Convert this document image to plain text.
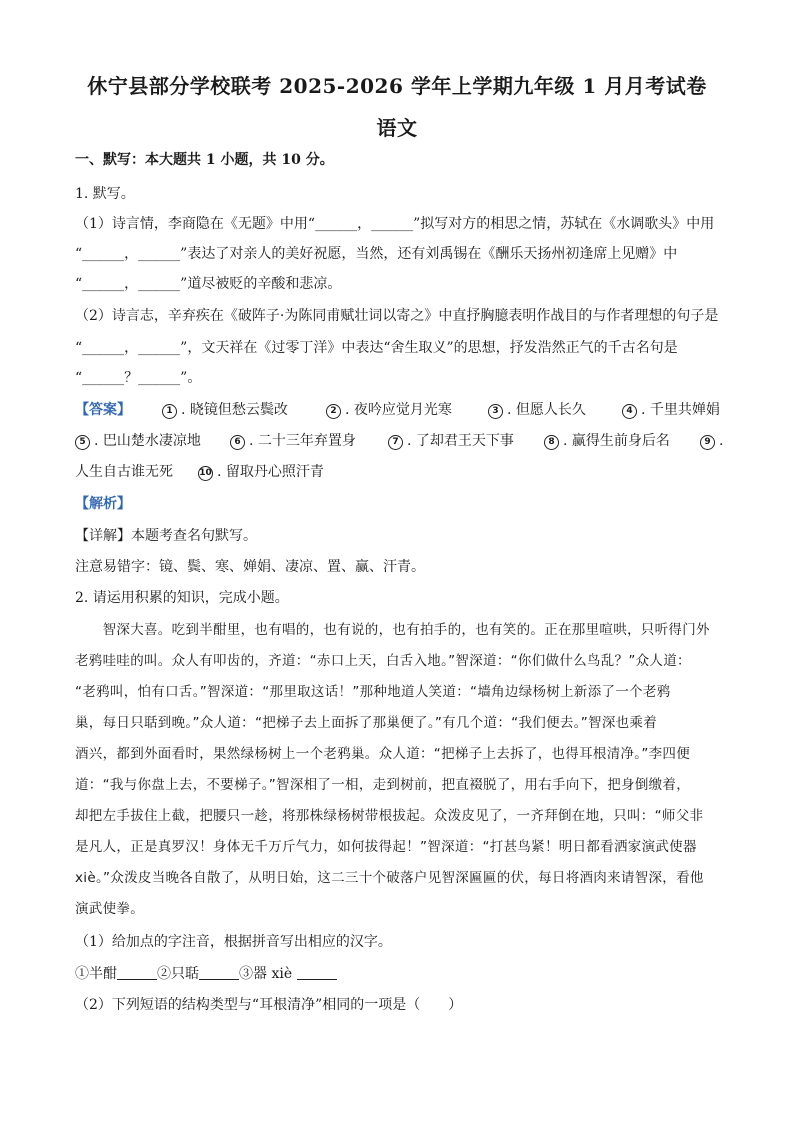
休宁县部分学校联考 2025-2026 学年上学期九年级 1 月月考试卷
语文
一、默写：本大题共 1 小题，共 10 分。
1. 默写。
（1）诗言情，李商隐在《无题》中用“______，______”拟写对方的相思之情，苏轼在《水调歌头》中用
“______，______”表达了对亲人的美好祝愿，当然，还有刘禹锡在《酬乐天扬州初逢席上见赠》中
“______，______”道尽被贬的辛酸和悲凉。
（2）诗言志，辛弃疾在《破阵子·为陈同甫赋壮词以寄之》中直抒胸臆表明作战目的与作者理想的句子是
“______，______”，文天祥在《过零丁洋》中表达“舍生取义”的思想，抒发浩然正气的千古名句是
“______？______”。
【答案】	1 . 晓镜但愁云鬓改	2 . 夜吟应觉月光寒	3 . 但愿人长久	4 . 千里共婵娟
5 . 巴山楚水凄凉地	6 . 二十三年弃置身	7 . 了却君王天下事	8 . 赢得生前身后名	9 .
人生自古谁无死	10 . 留取丹心照汗青
【解析】
【详解】本题考查名句默写。
注意易错字：镜、鬓、寒、婵娟、凄凉、置、赢、汗青。
2. 请运用积累的知识，完成小题。
　　智深大喜。吃到半酣里，也有唱的，也有说的，也有拍手的，也有笑的。正在那里喧哄，只听得门外
老鸦哇哇的叫。众人有叩齿的，齐道：“赤口上天，白舌入地。”智深道：“你们做什么鸟乱？”众人道：
“老鸦叫，怕有口舌。”智深道：“那里取这话！”那种地道人笑道：“墙角边绿杨树上新添了一个老鸦
巢，每日只聒到晚。”众人道：“把梯子去上面拆了那巢便了。”有几个道：“我们便去。”智深也乘着
酒兴，都到外面看时，果然绿杨树上一个老鸦巢。众人道：“把梯子上去拆了，也得耳根清净。”李四便
道：“我与你盘上去，不要梯子。”智深相了一相，走到树前，把直裰脱了，用右手向下，把身倒缴着，
却把左手拔住上截，把腰只一趁，将那株绿杨树带根拔起。众泼皮见了，一齐拜倒在地，只叫：“师父非
是凡人，正是真罗汉！身体无千万斤气力，如何拔得起！”智深道：“打甚鸟紧！明日都看洒家演武使器
xiè。”众泼皮当晚各自散了，从明日始，这二三十个破落户见智深匾匾的伏，每日将酒肉来请智深，看他
演武使拳。
（1）给加点的字注音，根据拼音写出相应的汉字。
①半酣	②只聒	③器 xiè
（2）下列短语的结构类型与“耳根清净”相同的一项是（　　）
